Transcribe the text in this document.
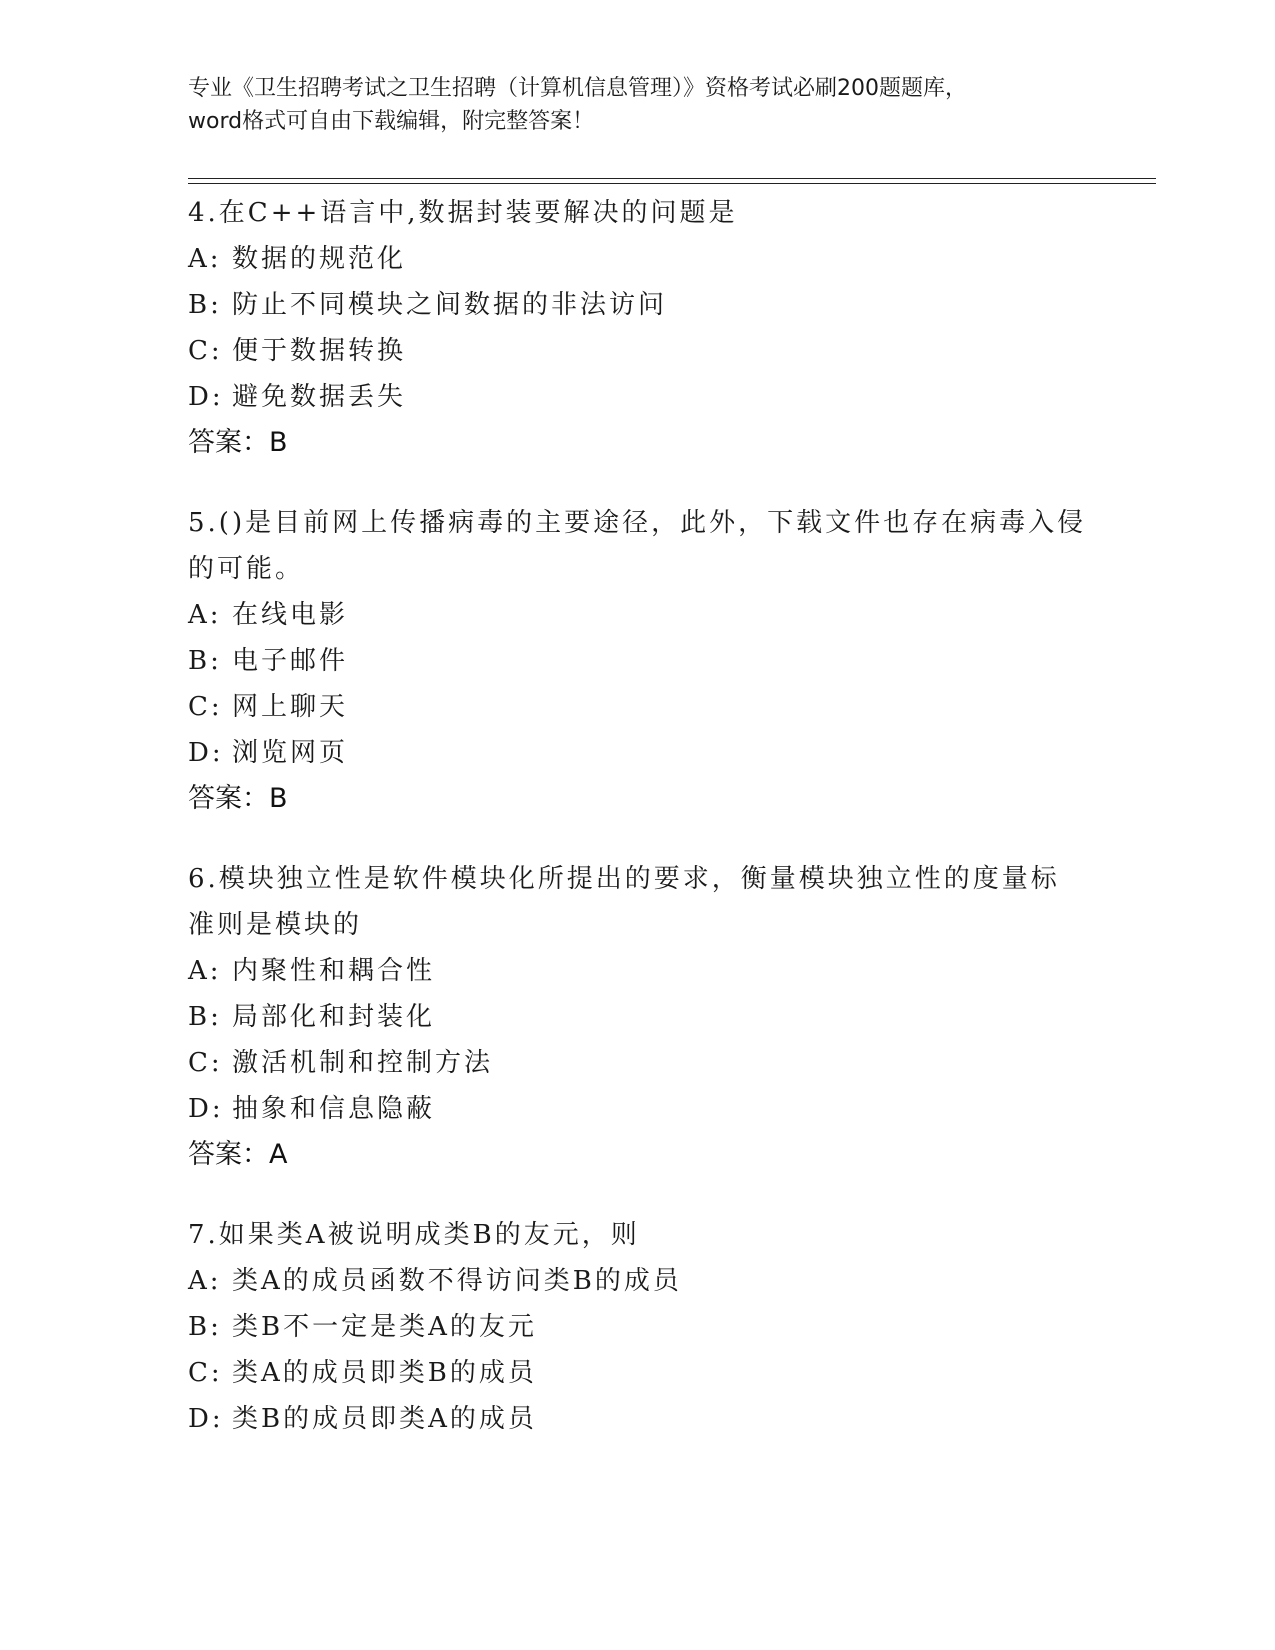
专业《卫生招聘考试之卫生招聘（计算机信息管理）》资格考试必刷200题题库，
word格式可自由下载编辑，附完整答案！
4.在C++语言中,数据封装要解决的问题是
A: 数据的规范化
B: 防止不同模块之间数据的非法访问
C: 便于数据转换
D: 避免数据丢失
答案：B
5.()是目前网上传播病毒的主要途径，此外，下载文件也存在病毒入侵的可能。
A: 在线电影
B: 电子邮件
C: 网上聊天
D: 浏览网页
答案：B
6.模块独立性是软件模块化所提出的要求，衡量模块独立性的度量标准则是模块的
A: 内聚性和耦合性
B: 局部化和封装化
C: 激活机制和控制方法
D: 抽象和信息隐蔽
答案：A
7.如果类A被说明成类B的友元，则
A: 类A的成员函数不得访问类B的成员
B: 类B不一定是类A的友元
C: 类A的成员即类B的成员
D: 类B的成员即类A的成员
